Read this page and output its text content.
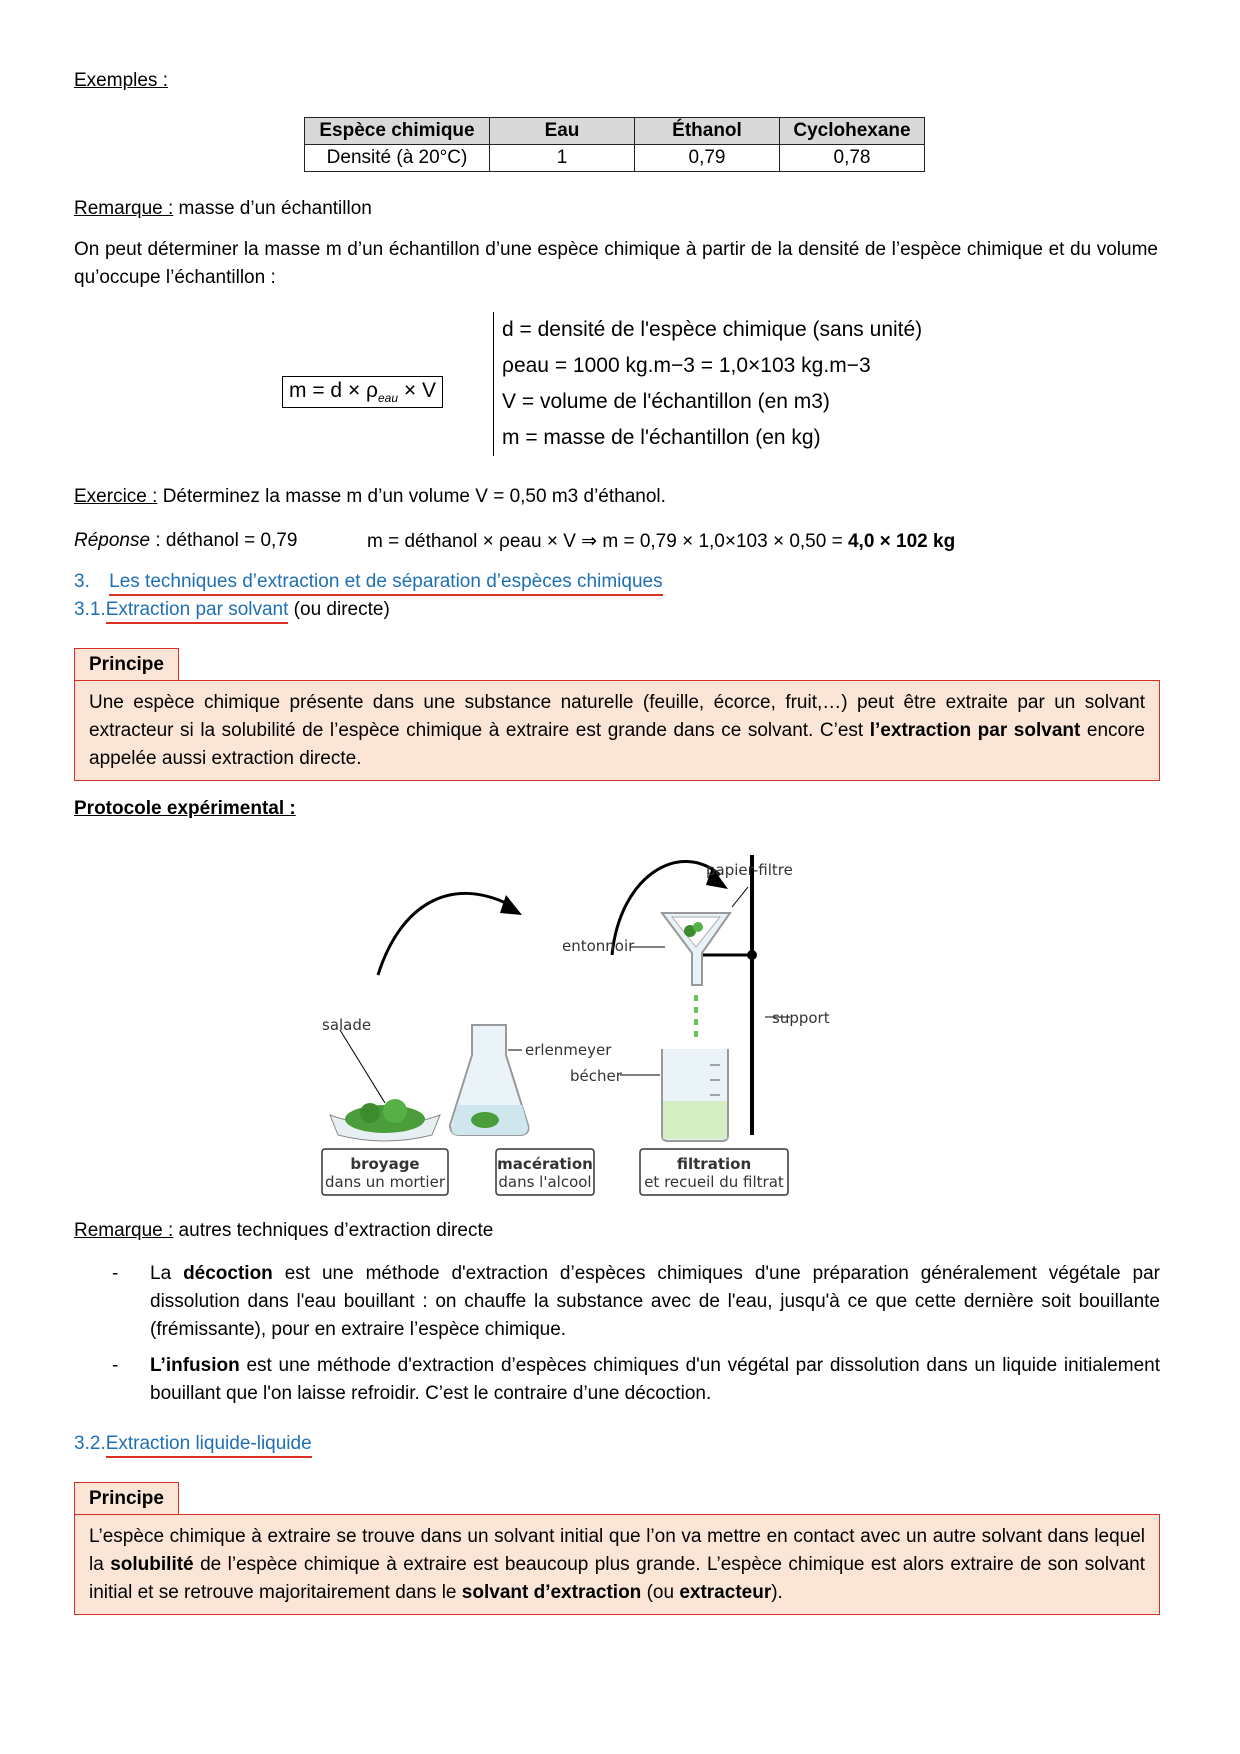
Exemples :
Espèce chimique	Eau	Éthanol	Cyclohexane
Densité (à 20°C)	1	0,79	0,78
Remarque : masse d’un échantillon

On peut déterminer la masse m d’un échantillon d’une espèce chimique à partir de la densité de l’espèce chimique et du volume qu’occupe l’échantillon :

$m = d \times \rho_{eau} \times V$
d = densité de l'espèce chimique (sans unité)
ρeau = 1000 kg.m−3 = 1,0×103 kg.m−3
V = volume de l'échantillon (en m3)
m = masse de l'échantillon (en kg)
Exercice : Déterminez la masse m d’un volume V = 0,50 m3 d’éthanol.
Réponse : déthanol = 0,79	m = déthanol × ρeau × V ⇒ m = 0,79 × 1,0×103 × 0,50 = 4,0 × 102 kg
3. Les techniques d’extraction et de séparation d’espèces chimiques
3.1.Extraction par solvant (ou directe)
Principe

Une espèce chimique présente dans une substance naturelle (feuille, écorce, fruit,…) peut être extraite par un solvant extracteur si la solubilité de l’espèce chimique à extraire est grande dans ce solvant. C’est l’extraction par solvant encore appelée aussi extraction directe.

Protocole expérimental :
salade
erlenmeyer
support
entonnoir
papier-filtre
bécher
broyage
dans un mortier
macération
dans l'alcool
filtration
et recueil du filtrat
Remarque : autres techniques d’extraction directe
- La décoction est une méthode d'extraction d’espèces chimiques d'une préparation généralement végétale par dissolution dans l'eau bouillant : on chauffe la substance avec de l'eau, jusqu'à ce que cette dernière soit bouillante (frémissante), pour en extraire l’espèce chimique.

- L’infusion est une méthode d'extraction d’espèces chimiques d'un végétal par dissolution dans un liquide initialement bouillant que l'on laisse refroidir. C’est le contraire d’une décoction.

3.2.Extraction liquide-liquide
Principe

L’espèce chimique à extraire se trouve dans un solvant initial que l’on va mettre en contact avec un autre solvant dans lequel la solubilité de l’espèce chimique à extraire est beaucoup plus grande. L’espèce chimique est alors extraire de son solvant initial et se retrouve majoritairement dans le solvant d’extraction (ou extracteur).
